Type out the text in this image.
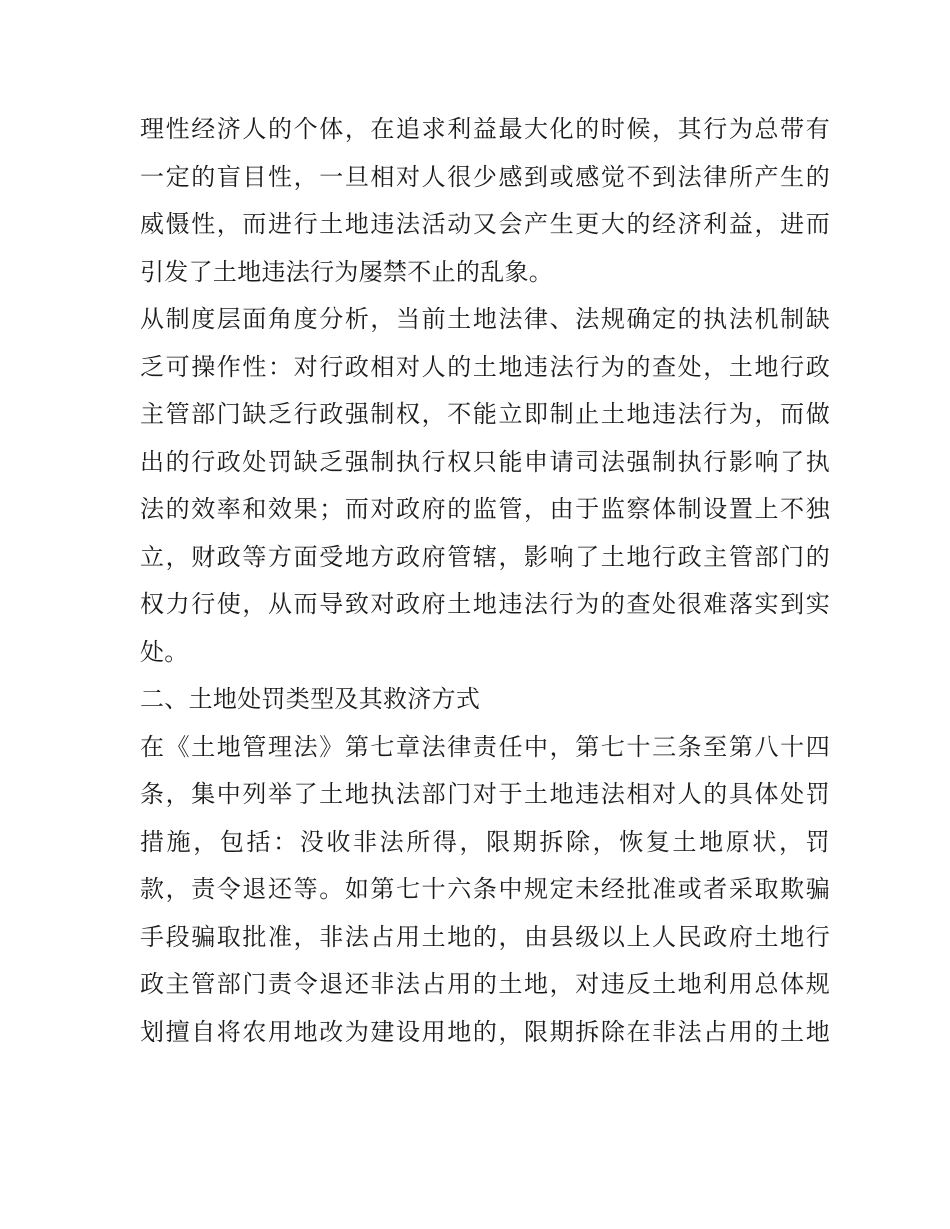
理性经济人的个体，在追求利益最大化的时候，其行为总带有
一定的盲目性，一旦相对人很少感到或感觉不到法律所产生的
威慑性，而进行土地违法活动又会产生更大的经济利益，进而
引发了土地违法行为屡禁不止的乱象。
从制度层面角度分析，当前土地法律、法规确定的执法机制缺
乏可操作性：对行政相对人的土地违法行为的查处，土地行政
主管部门缺乏行政强制权，不能立即制止土地违法行为，而做
出的行政处罚缺乏强制执行权只能申请司法强制执行影响了执
法的效率和效果；而对政府的监管，由于监察体制设置上不独
立，财政等方面受地方政府管辖，影响了土地行政主管部门的
权力行使，从而导致对政府土地违法行为的查处很难落实到实
处。
二、土地处罚类型及其救济方式
在《土地管理法》第七章法律责任中，第七十三条至第八十四
条，集中列举了土地执法部门对于土地违法相对人的具体处罚
措施，包括：没收非法所得，限期拆除，恢复土地原状，罚
款，责令退还等。如第七十六条中规定未经批准或者采取欺骗
手段骗取批准，非法占用土地的，由县级以上人民政府土地行
政主管部门责令退还非法占用的土地，对违反土地利用总体规
划擅自将农用地改为建设用地的，限期拆除在非法占用的土地
